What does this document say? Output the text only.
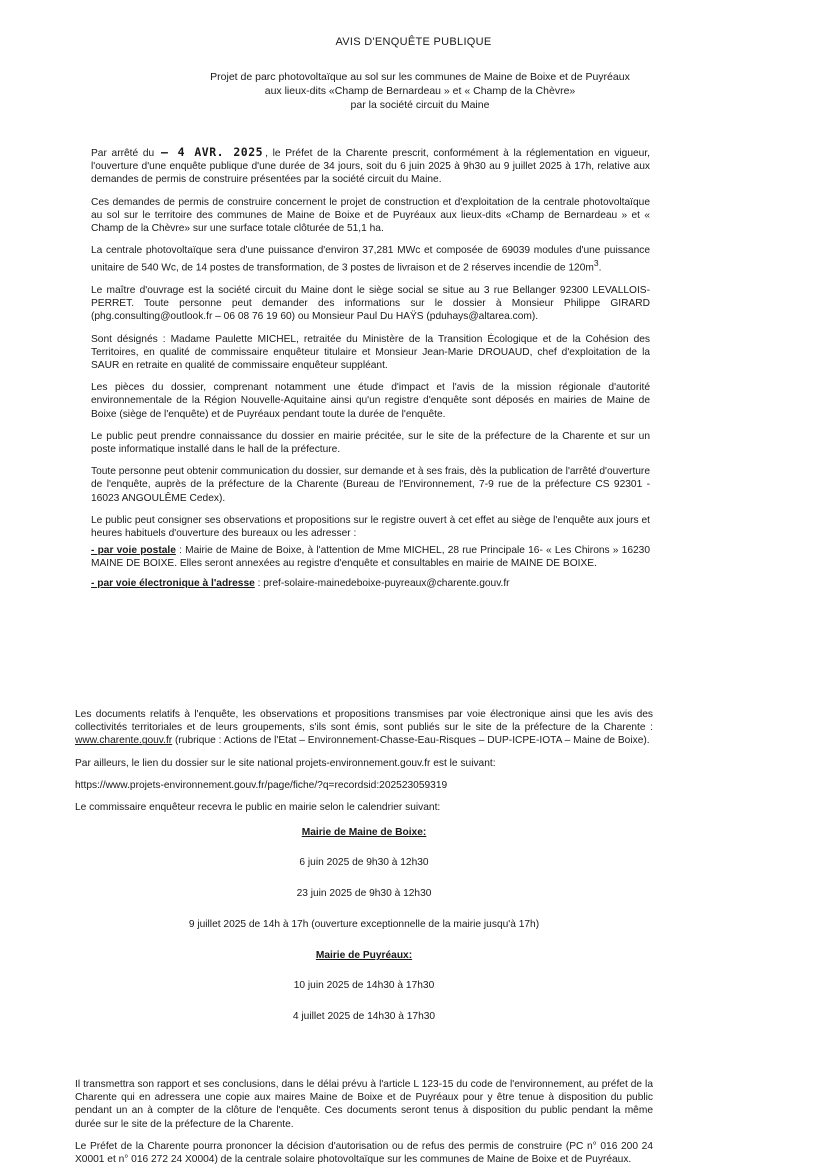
AVIS D'ENQUÊTE PUBLIQUE
Projet de parc photovoltaïque au sol sur les communes de Maine de Boixe et de Puyréaux
aux lieux-dits «Champ de Bernardeau » et « Champ de la Chèvre»
par la société circuit du Maine

Par arrêté du – 4 AVR. 2025 , le Préfet de la Charente prescrit, conformément à la réglementation en vigueur, l'ouverture d'une enquête publique d'une durée de 34 jours, soit du 6 juin 2025 à 9h30 au 9 juillet 2025 à 17h, relative aux demandes de permis de construire présentées par la société circuit du Maine.

Ces demandes de permis de construire concernent le projet de construction et d'exploitation de la centrale photovoltaïque au sol sur le territoire des communes de Maine de Boixe et de Puyréaux aux lieux-dits «Champ de Bernardeau » et « Champ de la Chèvre» sur une surface totale clôturée de 51,1 ha.

La centrale photovoltaïque sera d'une puissance d'environ 37,281 MWc et composée de 69039 modules d'une puissance unitaire de 540 Wc, de 14 postes de transformation, de 3 postes de livraison et de 2 réserves incendie de $120m^3$.

Le maître d'ouvrage est la société circuit du Maine dont le siège social se situe au 3 rue Bellanger 92300 LEVALLOIS-PERRET. Toute personne peut demander des informations sur le dossier à Monsieur Philippe GIRARD (phg.consulting@outlook.fr – 06 08 76 19 60) ou Monsieur Paul Du HAŸS (pduhays@altarea.com).

Sont désignés : Madame Paulette MICHEL, retraitée du Ministère de la Transition Écologique et de la Cohésion des Territoires, en qualité de commissaire enquêteur titulaire et Monsieur Jean-Marie DROUAUD, chef d'exploitation de la SAUR en retraite en qualité de commissaire enquêteur suppléant.

Les pièces du dossier, comprenant notamment une étude d'impact et l'avis de la mission régionale d'autorité environnementale de la Région Nouvelle-Aquitaine ainsi qu'un registre d'enquête sont déposés en mairies de Maine de Boixe (siège de l'enquête) et de Puyréaux pendant toute la durée de l'enquête.

Le public peut prendre connaissance du dossier en mairie précitée, sur le site de la préfecture de la Charente et sur un poste informatique installé dans le hall de la préfecture.

Toute personne peut obtenir communication du dossier, sur demande et à ses frais, dès la publication de l'arrêté d'ouverture de l'enquête, auprès de la préfecture de la Charente (Bureau de l'Environnement, 7-9 rue de la préfecture CS 92301 - 16023 ANGOULÊME Cedex).

Le public peut consigner ses observations et propositions sur le registre ouvert à cet effet au siège de l'enquête aux jours et heures habituels d'ouverture des bureaux ou les adresser :

- par voie postale : Mairie de Maine de Boixe, à l'attention de Mme MICHEL, 28 rue Principale 16- « Les Chirons » 16230 MAINE DE BOIXE. Elles seront annexées au registre d'enquête et consultables en mairie de MAINE DE BOIXE.

- par voie électronique à l'adresse : pref-solaire-mainedeboixe-puyreaux@charente.gouv.fr

Les documents relatifs à l'enquête, les observations et propositions transmises par voie électronique ainsi que les avis des collectivités territoriales et de leurs groupements, s'ils sont émis, sont publiés sur le site de la préfecture de la Charente : www.charente.gouv.fr (rubrique : Actions de l'Etat – Environnement-Chasse-Eau-Risques – DUP-ICPE-IOTA – Maine de Boixe).

Par ailleurs, le lien du dossier sur le site national projets-environnement.gouv.fr est le suivant:

https://www.projets-environnement.gouv.fr/page/fiche/?q=recordsid:202523059319

Le commissaire enquêteur recevra le public en mairie selon le calendrier suivant:

Mairie de Maine de Boixe:

6 juin 2025 de 9h30 à 12h30

23 juin 2025 de 9h30 à 12h30

9 juillet 2025 de 14h à 17h (ouverture exceptionnelle de la mairie jusqu'à 17h)

Mairie de Puyréaux:

10 juin 2025 de 14h30 à 17h30

4 juillet 2025 de 14h30 à 17h30

Il transmettra son rapport et ses conclusions, dans le délai prévu à l'article L 123-15 du code de l'environnement, au préfet de la Charente qui en adressera une copie aux maires Maine de Boixe et de Puyréaux pour y être tenue à disposition du public pendant un an à compter de la clôture de l'enquête. Ces documents seront tenus à disposition du public pendant la même durée sur le site de la préfecture de la Charente.

Le Préfet de la Charente pourra prononcer la décision d'autorisation ou de refus des permis de construire (PC n° 016 200 24 X0001 et n° 016 272 24 X0004) de la centrale solaire photovoltaïque sur les communes de Maine de Boixe et de Puyréaux.
